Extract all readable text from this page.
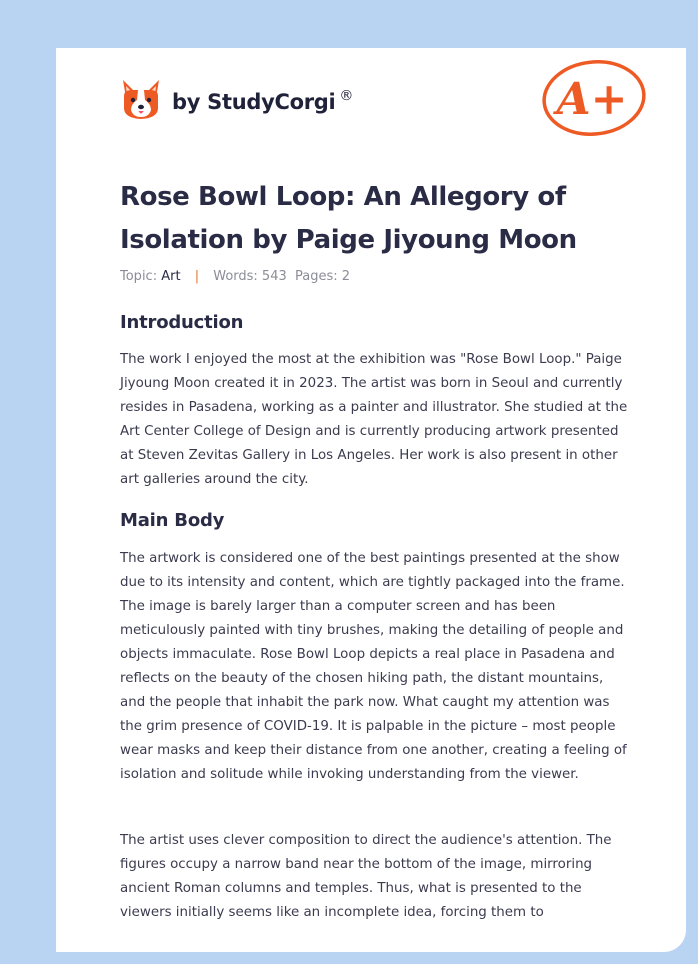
by StudyCorgi ®	A+
Rose Bowl Loop: An Allegory of Isolation by Paige Jiyoung Moon
Topic: Art | Words: 543 Pages: 2
Introduction

The work I enjoyed the most at the exhibition was "Rose Bowl Loop." Paige Jiyoung Moon created it in 2023. The artist was born in Seoul and currently resides in Pasadena, working as a painter and illustrator. She studied at the Art Center College of Design and is currently producing artwork presented at Steven Zevitas Gallery in Los Angeles. Her work is also present in other art galleries around the city.

Main Body

The artwork is considered one of the best paintings presented at the show due to its intensity and content, which are tightly packaged into the frame. The image is barely larger than a computer screen and has been meticulously painted with tiny brushes, making the detailing of people and objects immaculate. Rose Bowl Loop depicts a real place in Pasadena and reflects on the beauty of the chosen hiking path, the distant mountains, and the people that inhabit the park now. What caught my attention was the grim presence of COVID-19. It is palpable in the picture – most people wear masks and keep their distance from one another, creating a feeling of isolation and solitude while invoking understanding from the viewer.

The artist uses clever composition to direct the audience's attention. The figures occupy a narrow band near the bottom of the image, mirroring ancient Roman columns and temples. Thus, what is presented to the viewers initially seems like an incomplete idea, forcing them to
